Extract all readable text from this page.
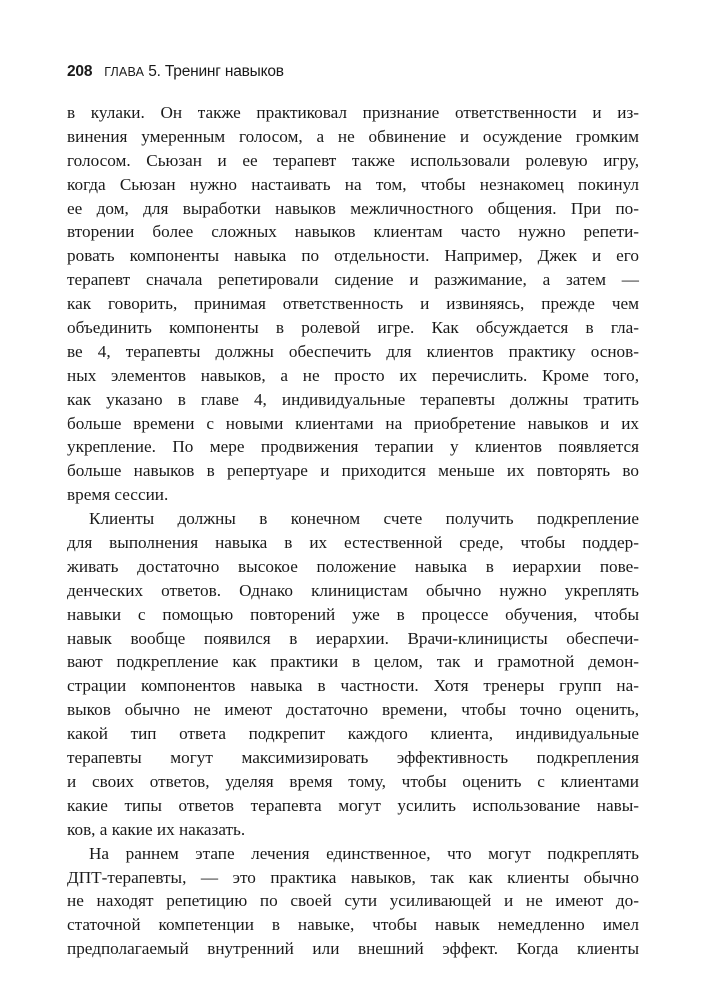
208 ГЛАВА 5. Тренинг навыков
в кулаки. Он также практиковал признание ответственности и из-
винения умеренным голосом, а не обвинение и осуждение громким
голосом. Сьюзан и ее терапевт также использовали ролевую игру,
когда Сьюзан нужно настаивать на том, чтобы незнакомец покинул
ее дом, для выработки навыков межличностного общения. При по-
вторении более сложных навыков клиентам часто нужно репети-
ровать компоненты навыка по отдельности. Например, Джек и его
терапевт сначала репетировали сидение и разжимание, а затем —
как говорить, принимая ответственность и извиняясь, прежде чем
объединить компоненты в ролевой игре. Как обсуждается в гла-
ве 4, терапевты должны обеспечить для клиентов практику основ-
ных элементов навыков, а не просто их перечислить. Кроме того,
как указано в главе 4, индивидуальные терапевты должны тратить
больше времени с новыми клиентами на приобретение навыков и их
укрепление. По мере продвижения терапии у клиентов появляется
больше навыков в репертуаре и приходится меньше их повторять во
время сессии.
Клиенты должны в конечном счете получить подкрепление
для выполнения навыка в их естественной среде, чтобы поддер-
живать достаточно высокое положение навыка в иерархии пове-
денческих ответов. Однако клиницистам обычно нужно укреплять
навыки с помощью повторений уже в процессе обучения, чтобы
навык вообще появился в иерархии. Врачи-клиницисты обеспечи-
вают подкрепление как практики в целом, так и грамотной демон-
страции компонентов навыка в частности. Хотя тренеры групп на-
выков обычно не имеют достаточно времени, чтобы точно оценить,
какой тип ответа подкрепит каждого клиента, индивидуальные
терапевты могут максимизировать эффективность подкрепления
и своих ответов, уделяя время тому, чтобы оценить с клиентами
какие типы ответов терапевта могут усилить использование навы-
ков, а какие их наказать.
На раннем этапе лечения единственное, что могут подкреплять
ДПТ-терапевты, — это практика навыков, так как клиенты обычно
не находят репетицию по своей сути усиливающей и не имеют до-
статочной компетенции в навыке, чтобы навык немедленно имел
предполагаемый внутренний или внешний эффект. Когда клиенты
